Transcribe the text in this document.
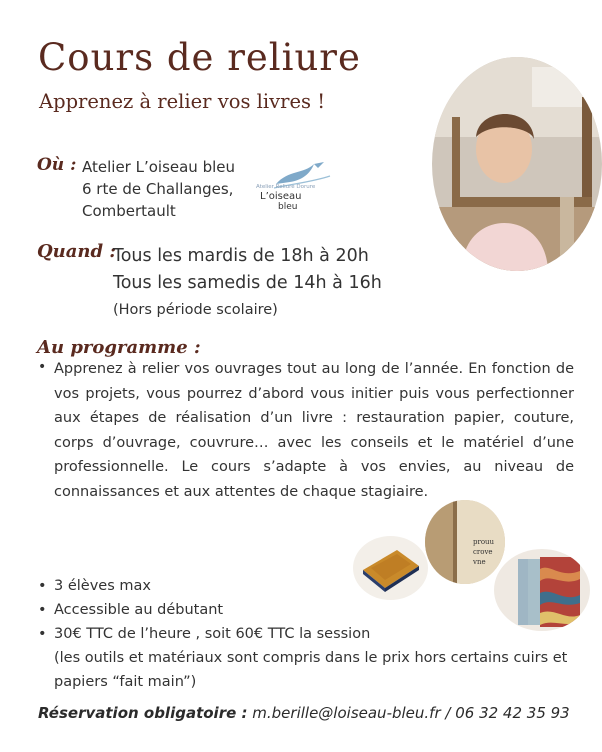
Cours de reliure
Apprenez à relier vos livres !
Où : Atelier L’oiseau bleu
6 rte de Challanges,
Combertault
Atelier Reliure Dorure
L’oiseau
bleu
Quand :
Tous les mardis de 18h à 20h
Tous les samedis de 14h à 16h
(Hors période scolaire)
Au programme :
• Apprenez à relier vos ouvrages tout au long de l’année. En fonction de vos projets, vous pourrez d’abord vous initier puis vous perfectionner aux étapes de réalisation d’un livre : restauration papier, couture, corps d’ouvrage, couvrure… avec les conseils et le matériel d’une professionnelle. Le cours s’adapte à vos envies, au niveau de connaissances et aux attentes de chaque stagiaire.
prouu
crove
vne
• 3 élèves max
• Accessible au débutant
• 30€ TTC de l’heure , soit 60€ TTC la session
(les outils et matériaux sont compris dans le prix hors certains cuirs et papiers “fait main”)
Réservation obligatoire : m.berille@loiseau-bleu.fr / 06 32 42 35 93
